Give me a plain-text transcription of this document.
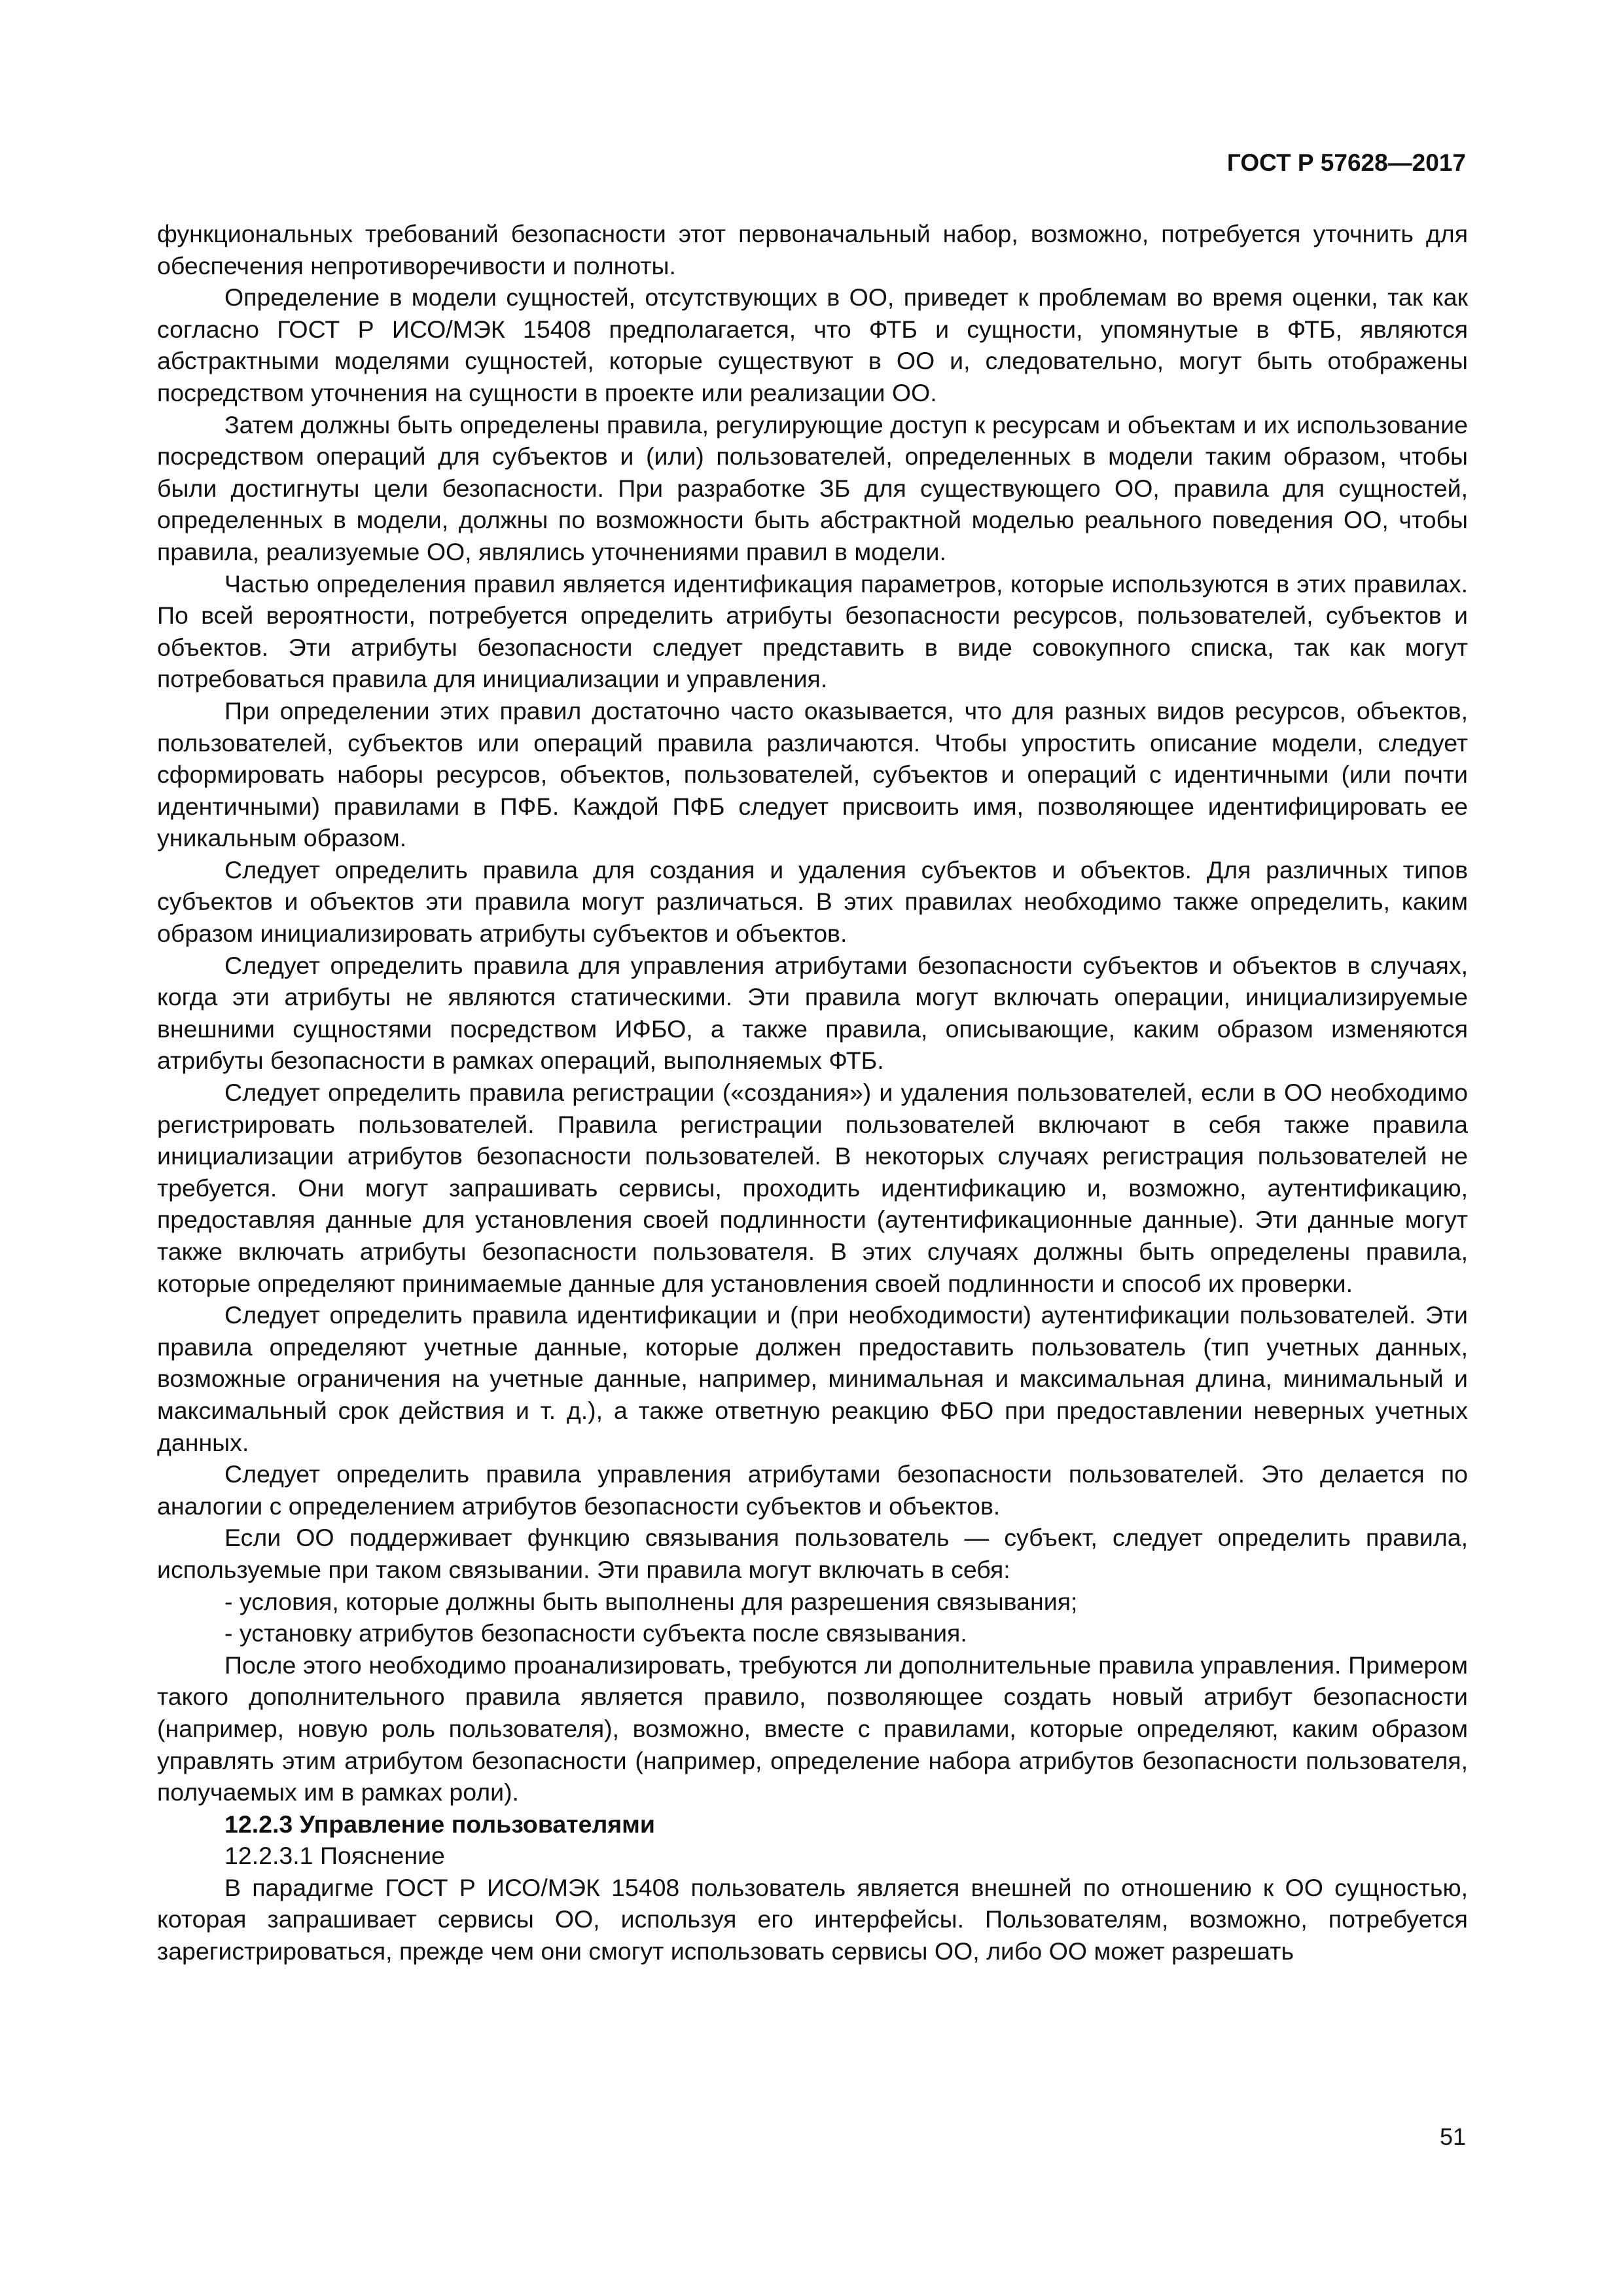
ГОСТ Р 57628—2017

функциональных требований безопасности этот первоначальный набор, возможно, потребуется уточнить для обеспечения непротиворечивости и полноты.

Определение в модели сущностей, отсутствующих в ОО, приведет к проблемам во время оценки, так как согласно ГОСТ Р ИСО/МЭК 15408 предполагается, что ФТБ и сущности, упомянутые в ФТБ, являются абстрактными моделями сущностей, которые существуют в ОО и, следовательно, могут быть отображены посредством уточнения на сущности в проекте или реализации ОО.

Затем должны быть определены правила, регулирующие доступ к ресурсам и объектам и их использование посредством операций для субъектов и (или) пользователей, определенных в модели таким образом, чтобы были достигнуты цели безопасности. При разработке ЗБ для существующего ОО, правила для сущностей, определенных в модели, должны по возможности быть абстрактной моделью реального поведения ОО, чтобы правила, реализуемые ОО, являлись уточнениями правил в модели.

Частью определения правил является идентификация параметров, которые используются в этих правилах. По всей вероятности, потребуется определить атрибуты безопасности ресурсов, пользователей, субъектов и объектов. Эти атрибуты безопасности следует представить в виде совокупного списка, так как могут потребоваться правила для инициализации и управления.

При определении этих правил достаточно часто оказывается, что для разных видов ресурсов, объектов, пользователей, субъектов или операций правила различаются. Чтобы упростить описание модели, следует сформировать наборы ресурсов, объектов, пользователей, субъектов и операций с идентичными (или почти идентичными) правилами в ПФБ. Каждой ПФБ следует присвоить имя, позволяющее идентифицировать ее уникальным образом.

Следует определить правила для создания и удаления субъектов и объектов. Для различных типов субъектов и объектов эти правила могут различаться. В этих правилах необходимо также определить, каким образом инициализировать атрибуты субъектов и объектов.

Следует определить правила для управления атрибутами безопасности субъектов и объектов в случаях, когда эти атрибуты не являются статическими. Эти правила могут включать операции, инициализируемые внешними сущностями посредством ИФБО, а также правила, описывающие, каким образом изменяются атрибуты безопасности в рамках операций, выполняемых ФТБ.

Следует определить правила регистрации («создания») и удаления пользователей, если в ОО необходимо регистрировать пользователей. Правила регистрации пользователей включают в себя также правила инициализации атрибутов безопасности пользователей. В некоторых случаях регистрация пользователей не требуется. Они могут запрашивать сервисы, проходить идентификацию и, возможно, аутентификацию, предоставляя данные для установления своей подлинности (аутентификационные данные). Эти данные могут также включать атрибуты безопасности пользователя. В этих случаях должны быть определены правила, которые определяют принимаемые данные для установления своей подлинности и способ их проверки.

Следует определить правила идентификации и (при необходимости) аутентификации пользователей. Эти правила определяют учетные данные, которые должен предоставить пользователь (тип учетных данных, возможные ограничения на учетные данные, например, минимальная и максимальная длина, минимальный и максимальный срок действия и т. д.), а также ответную реакцию ФБО при предоставлении неверных учетных данных.

Следует определить правила управления атрибутами безопасности пользователей. Это делается по аналогии с определением атрибутов безопасности субъектов и объектов.

Если ОО поддерживает функцию связывания пользователь — субъект, следует определить правила, используемые при таком связывании. Эти правила могут включать в себя:

- условия, которые должны быть выполнены для разрешения связывания;

- установку атрибутов безопасности субъекта после связывания.

После этого необходимо проанализировать, требуются ли дополнительные правила управления. Примером такого дополнительного правила является правило, позволяющее создать новый атрибут безопасности (например, новую роль пользователя), возможно, вместе с правилами, которые определяют, каким образом управлять этим атрибутом безопасности (например, определение набора атрибутов безопасности пользователя, получаемых им в рамках роли).

12.2.3 Управление пользователями

12.2.3.1 Пояснение

В парадигме ГОСТ Р ИСО/МЭК 15408 пользователь является внешней по отношению к ОО сущностью, которая запрашивает сервисы ОО, используя его интерфейсы. Пользователям, возможно, потребуется зарегистрироваться, прежде чем они смогут использовать сервисы ОО, либо ОО может разрешать

51
